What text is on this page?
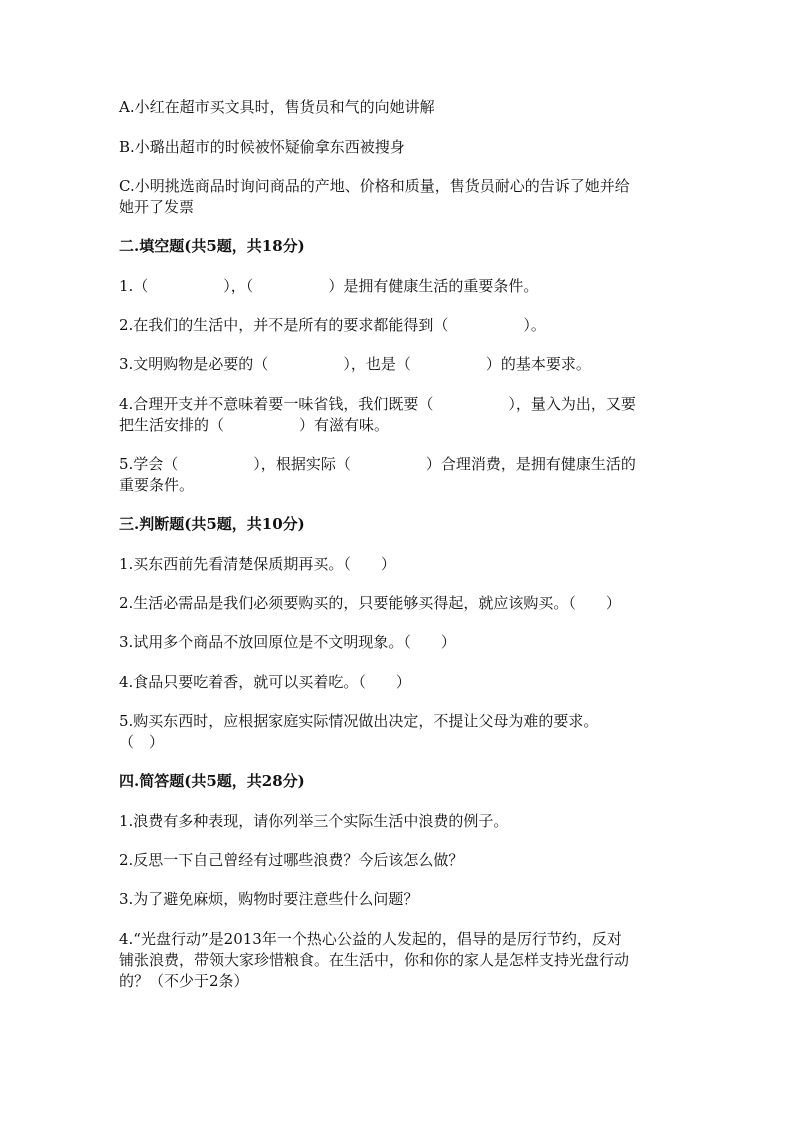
A.小红在超市买文具时，售货员和气的向她讲解
B.小璐出超市的时候被怀疑偷拿东西被搜身
C.小明挑选商品时询问商品的产地、价格和质量，售货员耐心的告诉了她并给
她开了发票
二.填空题(共5题，共18分)
1.（　　　　　），（　　　　　）是拥有健康生活的重要条件。
2.在我们的生活中，并不是所有的要求都能得到（　　　　　）。
3.文明购物是必要的（　　　　　），也是（　　　　　）的基本要求。
4.合理开支并不意味着要一味省钱，我们既要（　　　　　），量入为出，又要
把生活安排的（　　　　　）有滋有味。
5.学会（　　　　　），根据实际（　　　　　）合理消费，是拥有健康生活的
重要条件。
三.判断题(共5题，共10分)
1.买东西前先看清楚保质期再买。（　　）
2.生活必需品是我们必须要购买的，只要能够买得起，就应该购买。（　　）
3.试用多个商品不放回原位是不文明现象。（　　）
4.食品只要吃着香，就可以买着吃。（　　）
5.购买东西时，应根据家庭实际情况做出决定，不提让父母为难的要求。
（　）
四.简答题(共5题，共28分)
1.浪费有多种表现，请你列举三个实际生活中浪费的例子。
2.反思一下自己曾经有过哪些浪费？今后该怎么做？
3.为了避免麻烦，购物时要注意些什么问题？
4.“光盘行动”是2013年一个热心公益的人发起的，倡导的是厉行节约，反对
铺张浪费，带领大家珍惜粮食。在生活中，你和你的家人是怎样支持光盘行动
的？（不少于2条）
